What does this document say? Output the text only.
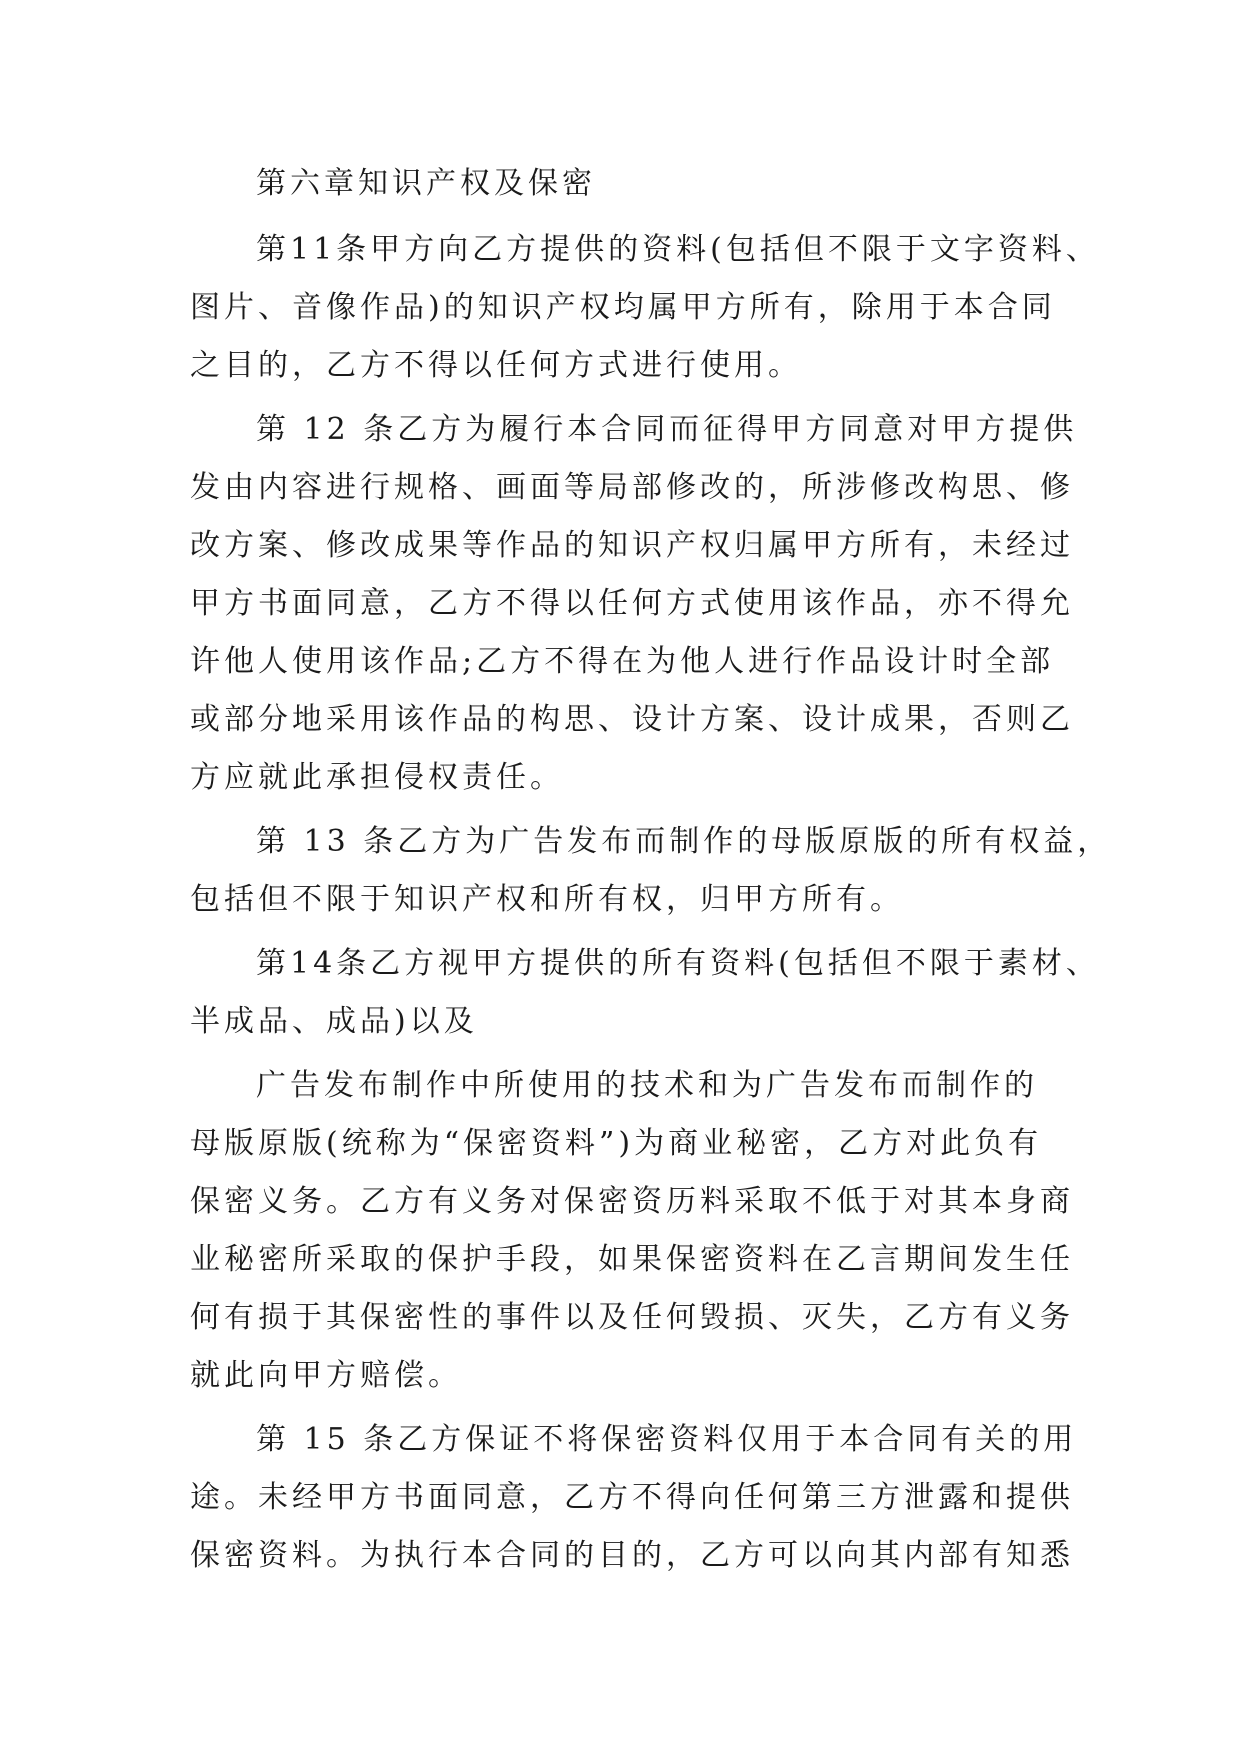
第六章知识产权及保密

第11条甲方向乙方提供的资料(包括但不限于文字资料、

图片、音像作品)的知识产权均属甲方所有，除用于本合同

之目的，乙方不得以任何方式进行使用。

第 12 条乙方为履行本合同而征得甲方同意对甲方提供

发由内容进行规格、画面等局部修改的，所涉修改构思、修

改方案、修改成果等作品的知识产权归属甲方所有，未经过

甲方书面同意，乙方不得以任何方式使用该作品，亦不得允

许他人使用该作品;乙方不得在为他人进行作品设计时全部

或部分地采用该作品的构思、设计方案、设计成果，否则乙

方应就此承担侵权责任。

第 13 条乙方为广告发布而制作的母版原版的所有权益，

包括但不限于知识产权和所有权，归甲方所有。

第14条乙方视甲方提供的所有资料(包括但不限于素材、

半成品、成品)以及

广告发布制作中所使用的技术和为广告发布而制作的

母版原版(统称为“保密资料”)为商业秘密，乙方对此负有

保密义务。乙方有义务对保密资历料采取不低于对其本身商

业秘密所采取的保护手段，如果保密资料在乙言期间发生任

何有损于其保密性的事件以及任何毁损、灭失，乙方有义务

就此向甲方赔偿。

第 15 条乙方保证不将保密资料仅用于本合同有关的用

途。未经甲方书面同意，乙方不得向任何第三方泄露和提供

保密资料。为执行本合同的目的，乙方可以向其内部有知悉
